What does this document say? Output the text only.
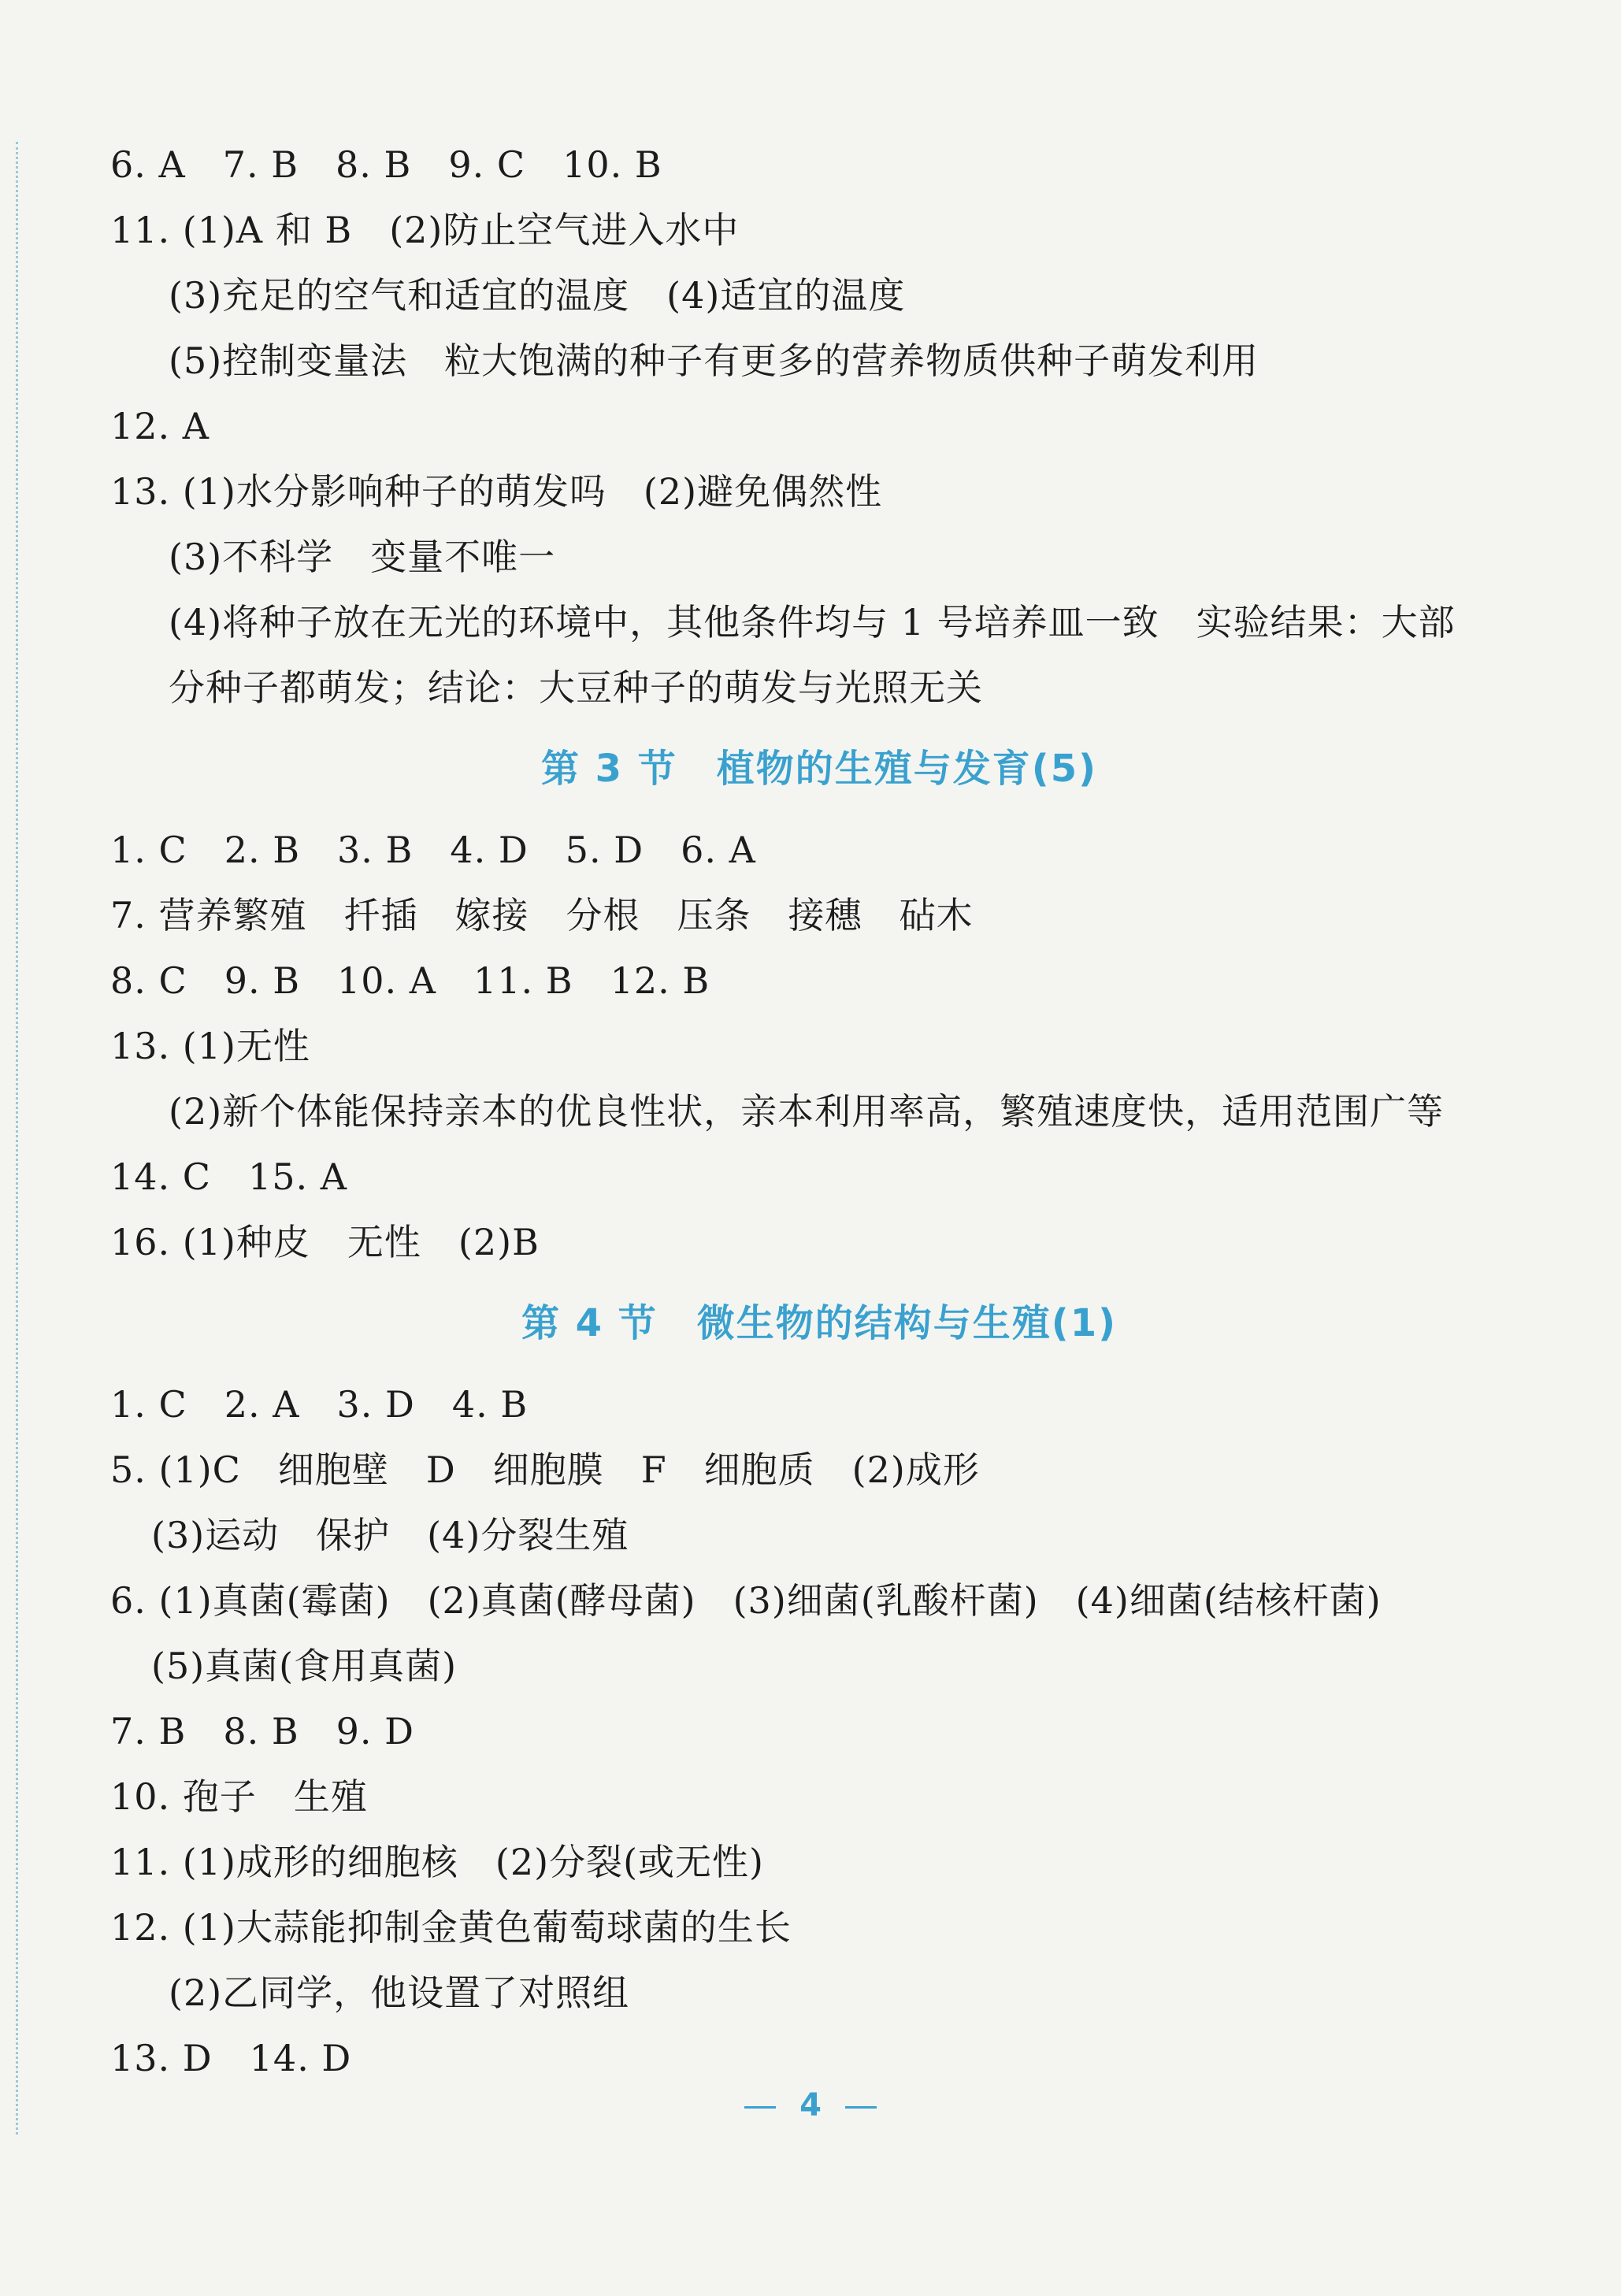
6. A　7. B　8. B　9. C　10. B
11. (1)A 和 B　(2)防止空气进入水中
(3)充足的空气和适宜的温度　(4)适宜的温度
(5)控制变量法　粒大饱满的种子有更多的营养物质供种子萌发利用
12. A
13. (1)水分影响种子的萌发吗　(2)避免偶然性
(3)不科学　变量不唯一
(4)将种子放在无光的环境中，其他条件均与 1 号培养皿一致　实验结果：大部
分种子都萌发；结论：大豆种子的萌发与光照无关
第 3 节　植物的生殖与发育(5)
1. C　2. B　3. B　4. D　5. D　6. A
7. 营养繁殖　扦插　嫁接　分根　压条　接穗　砧木
8. C　9. B　10. A　11. B　12. B
13. (1)无性
(2)新个体能保持亲本的优良性状，亲本利用率高，繁殖速度快，适用范围广等
14. C　15. A
16. (1)种皮　无性　(2)B
第 4 节　微生物的结构与生殖(1)
1. C　2. A　3. D　4. B
5. (1)C　细胞壁　D　细胞膜　F　细胞质　(2)成形
(3)运动　保护　(4)分裂生殖
6. (1)真菌(霉菌)　(2)真菌(酵母菌)　(3)细菌(乳酸杆菌)　(4)细菌(结核杆菌)
(5)真菌(食用真菌)
7. B　8. B　9. D
10. 孢子　生殖
11. (1)成形的细胞核　(2)分裂(或无性)
12. (1)大蒜能抑制金黄色葡萄球菌的生长
(2)乙同学，他设置了对照组
13. D　14. D
4
